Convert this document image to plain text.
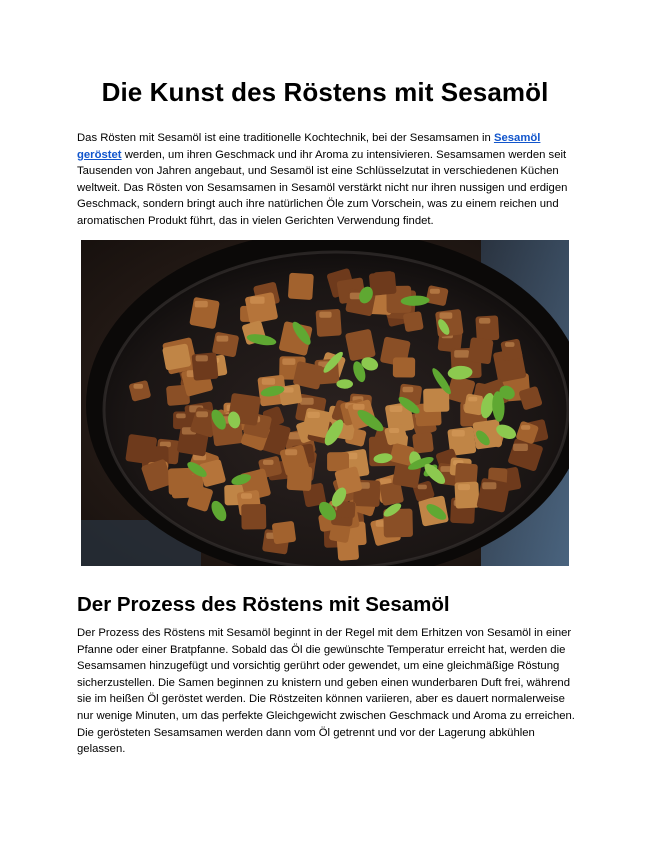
Die Kunst des Röstens mit Sesamöl

Das Rösten mit Sesamöl ist eine traditionelle Kochtechnik, bei der Sesamsamen in Sesamöl geröstet werden, um ihren Geschmack und ihr Aroma zu intensivieren. Sesamsamen werden seit Tausenden von Jahren angebaut, und Sesamöl ist eine Schlüsselzutat in verschiedenen Küchen weltweit. Das Rösten von Sesamsamen in Sesamöl verstärkt nicht nur ihren nussigen und erdigen Geschmack, sondern bringt auch ihre natürlichen Öle zum Vorschein, was zu einem reichen und aromatischen Produkt führt, das in vielen Gerichten Verwendung findet.

Der Prozess des Röstens mit Sesamöl

Der Prozess des Röstens mit Sesamöl beginnt in der Regel mit dem Erhitzen von Sesamöl in einer Pfanne oder einer Bratpfanne. Sobald das Öl die gewünschte Temperatur erreicht hat, werden die Sesamsamen hinzugefügt und vorsichtig gerührt oder gewendet, um eine gleichmäßige Röstung sicherzustellen. Die Samen beginnen zu knistern und geben einen wunderbaren Duft frei, während sie im heißen Öl geröstet werden. Die Röstzeiten können variieren, aber es dauert normalerweise nur wenige Minuten, um das perfekte Gleichgewicht zwischen Geschmack und Aroma zu erreichen. Die gerösteten Sesamsamen werden dann vom Öl getrennt und vor der Lagerung abkühlen gelassen.
